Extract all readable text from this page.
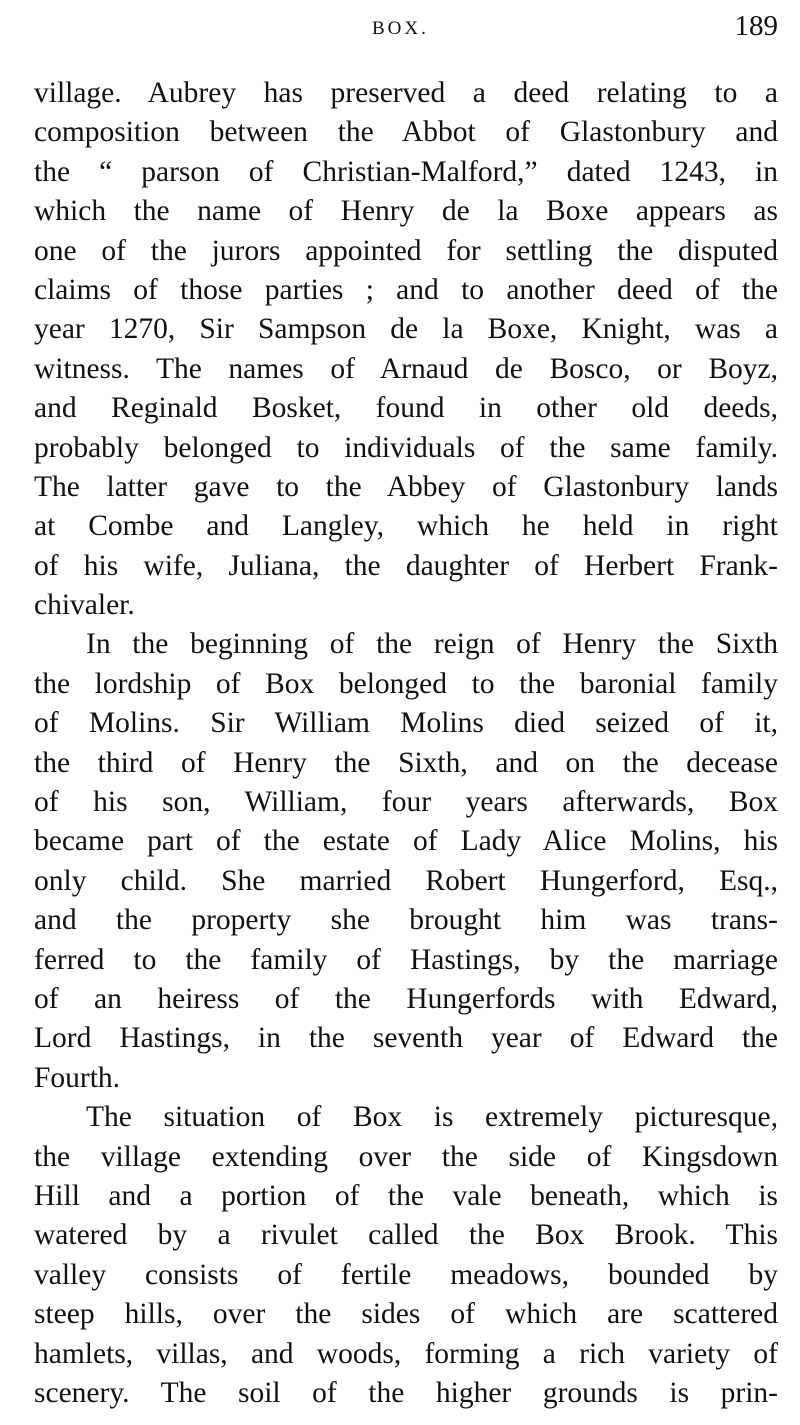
BOX.	189
village. Aubrey has preserved a deed relating to a
composition between the Abbot of Glastonbury and
the “ parson of Christian-Malford,” dated 1243, in
which the name of Henry de la Boxe appears as
one of the jurors appointed for settling the disputed
claims of those parties ; and to another deed of the
year 1270, Sir Sampson de la Boxe, Knight, was a
witness. The names of Arnaud de Bosco, or Boyz,
and Reginald Bosket, found in other old deeds,
probably belonged to individuals of the same family.
The latter gave to the Abbey of Glastonbury lands
at Combe and Langley, which he held in right
of his wife, Juliana, the daughter of Herbert Frank-
chivaler.
In the beginning of the reign of Henry the Sixth
the lordship of Box belonged to the baronial family
of Molins. Sir William Molins died seized of it,
the third of Henry the Sixth, and on the decease
of his son, William, four years afterwards, Box
became part of the estate of Lady Alice Molins, his
only child. She married Robert Hungerford, Esq.,
and the property she brought him was trans-
ferred to the family of Hastings, by the marriage
of an heiress of the Hungerfords with Edward,
Lord Hastings, in the seventh year of Edward the
Fourth.
The situation of Box is extremely picturesque,
the village extending over the side of Kingsdown
Hill and a portion of the vale beneath, which is
watered by a rivulet called the Box Brook. This
valley consists of fertile meadows, bounded by
steep hills, over the sides of which are scattered
hamlets, villas, and woods, forming a rich variety of
scenery. The soil of the higher grounds is prin-
